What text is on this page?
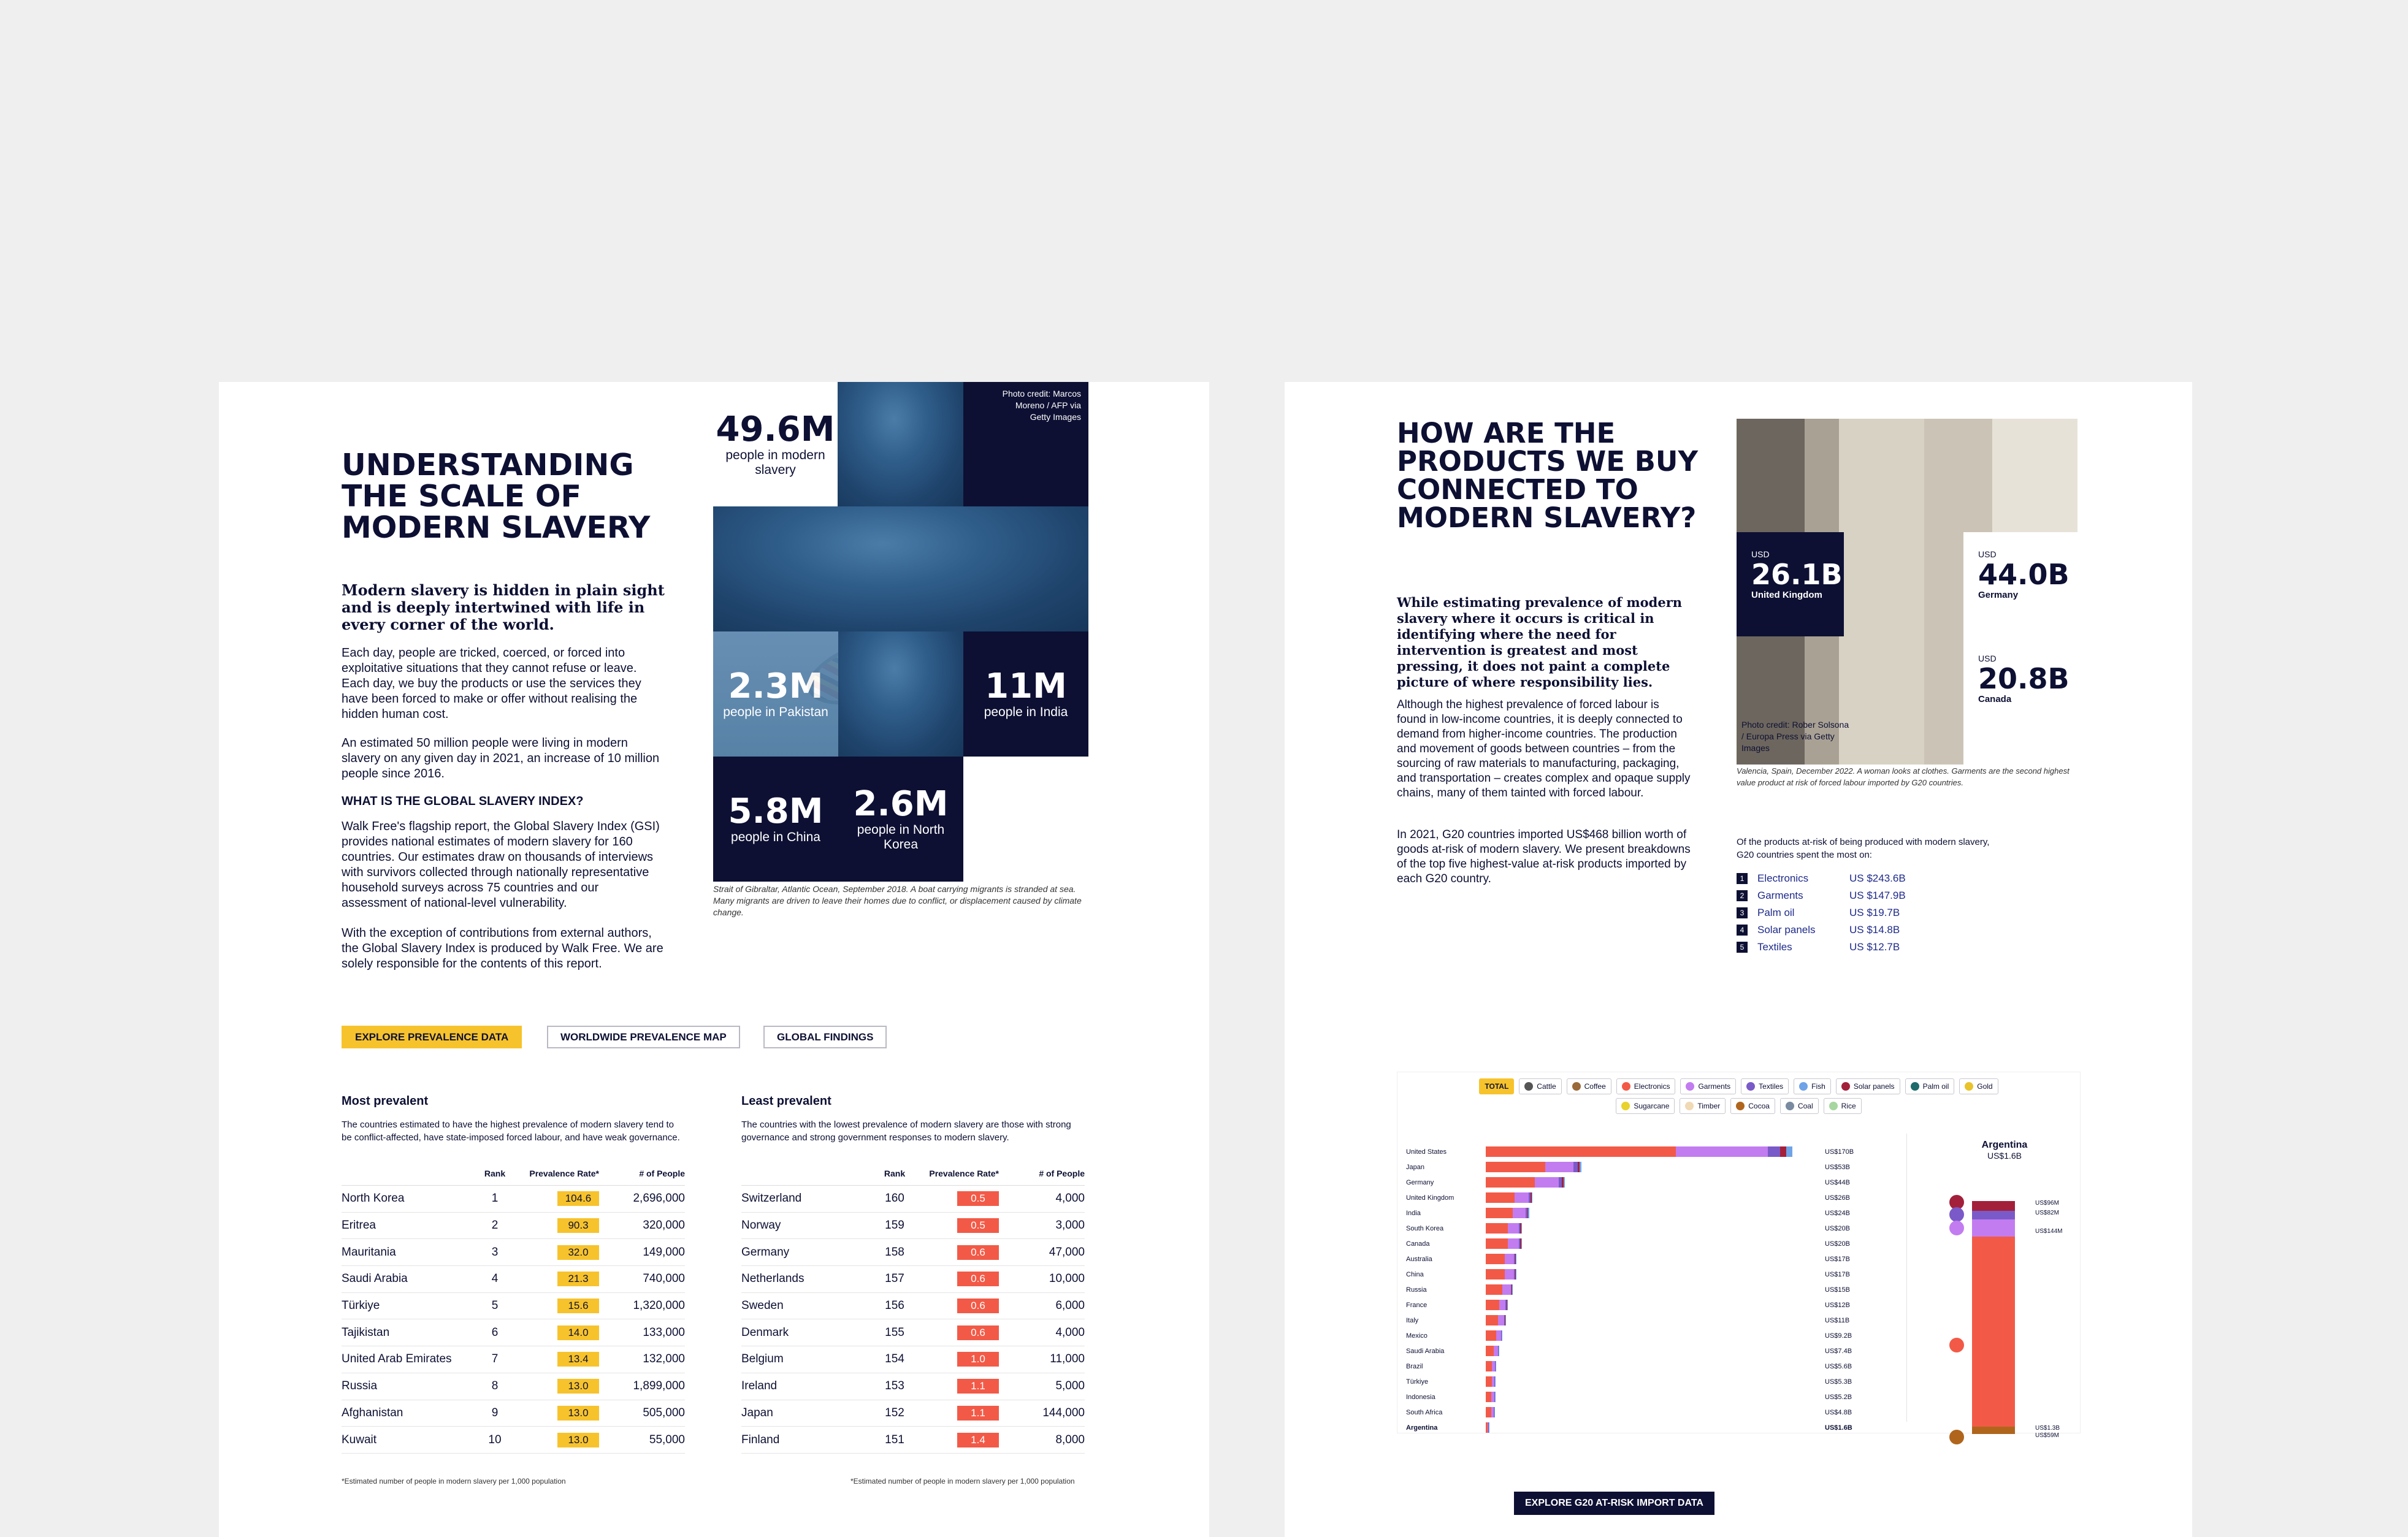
UNDERSTANDING THE SCALE OF MODERN SLAVERY

Modern slavery is hidden in plain sight and is deeply intertwined with life in every corner of the world.

Each day, people are tricked, coerced, or forced into exploitative situations that they cannot refuse or leave. Each day, we buy the products or use the services they have been forced to make or offer without realising the hidden human cost.

An estimated 50 million people were living in modern slavery on any given day in 2021, an increase of 10 million people since 2016.

WHAT IS THE GLOBAL SLAVERY INDEX?

Walk Free's flagship report, the Global Slavery Index (GSI) provides national estimates of modern slavery for 160 countries. Our estimates draw on thousands of interviews with survivors collected through nationally representative household surveys across 75 countries and our assessment of national-level vulnerability.

With the exception of contributions from external authors, the Global Slavery Index is produced by Walk Free. We are solely responsible for the contents of this report.

49.6M
people in modern slavery
Photo credit: Marcos Moreno / AFP via Getty Images
2.3M
people in Pakistan
11M
people in India
5.8M
people in China
2.6M
people in North Korea

Strait of Gibraltar, Atlantic Ocean, September 2018. A boat carrying migrants is stranded at sea. Many migrants are driven to leave their homes due to conflict, or displacement caused by climate change.

EXPLORE PREVALENCE DATA	WORLDWIDE PREVALENCE MAP	GLOBAL FINDINGS
Most prevalent

The countries estimated to have the highest prevalence of modern slavery tend to be conflict-affected, have state-imposed forced labour, and have weak governance.

Rank	Prevalence Rate*	# of People
North Korea	1	104.6	2,696,000
Eritrea	2	90.3	320,000
Mauritania	3	32.0	149,000
Saudi Arabia	4	21.3	740,000
Türkiye	5	15.6	1,320,000
Tajikistan	6	14.0	133,000
United Arab Emirates	7	13.4	132,000
Russia	8	13.0	1,899,000
Afghanistan	9	13.0	505,000
Kuwait	10	13.0	55,000
*Estimated number of people in modern slavery per 1,000 population
Least prevalent

The countries with the lowest prevalence of modern slavery are those with strong governance and strong government responses to modern slavery.

Rank	Prevalence Rate*	# of People
Switzerland	160	0.5	4,000
Norway	159	0.5	3,000
Germany	158	0.6	47,000
Netherlands	157	0.6	10,000
Sweden	156	0.6	6,000
Denmark	155	0.6	4,000
Belgium	154	1.0	11,000
Ireland	153	1.1	5,000
Japan	152	1.1	144,000
Finland	151	1.4	8,000
*Estimated number of people in modern slavery per 1,000 population
HOW ARE THE PRODUCTS WE BUY CONNECTED TO MODERN SLAVERY?

While estimating prevalence of modern slavery where it occurs is critical in identifying where the need for intervention is greatest and most pressing, it does not paint a complete picture of where responsibility lies.

Although the highest prevalence of forced labour is found in low-income countries, it is deeply connected to demand from higher-income countries. The production and movement of goods between countries – from the sourcing of raw materials to manufacturing, packaging, and transportation – creates complex and opaque supply chains, many of them tainted with forced labour.

In 2021, G20 countries imported US$468 billion worth of goods at-risk of modern slavery. We present breakdowns of the top five highest-value at-risk products imported by each G20 country.

USD
26.1B
United Kingdom
USD
44.0B
Germany
USD
20.8B
Canada
Photo credit: Rober Solsona / Europa Press via Getty Images

Valencia, Spain, December 2022. A woman looks at clothes. Garments are the second highest value product at risk of forced labour imported by G20 countries.

Of the products at-risk of being produced with modern slavery, G20 countries spent the most on:

1	Electronics	US $243.6B
2	Garments	US $147.9B
3	Palm oil	US $19.7B
4	Solar panels	US $14.8B
5	Textiles	US $12.7B
TOTAL	Cattle	Coffee	Electronics	Garments	Textiles	Fish	Solar panels	Palm oil	Gold
Sugarcane	Timber	Cocoa	Coal	Rice
United States	US$170B
Japan	US$53B
Germany	US$44B
United Kingdom	US$26B
India	US$24B
South Korea	US$20B
Canada	US$20B
Australia	US$17B
China	US$17B
Russia	US$15B
France	US$12B
Italy	US$11B
Mexico	US$9.2B
Saudi Arabia	US$7.4B
Brazil	US$5.6B
Türkiye	US$5.3B
Indonesia	US$5.2B
South Africa	US$4.8B
Argentina	US$1.6B
Argentina
US$1.6B
US$96M
US$82M
US$144M
US$1.3B
US$59M
EXPLORE G20 AT-RISK IMPORT DATA
